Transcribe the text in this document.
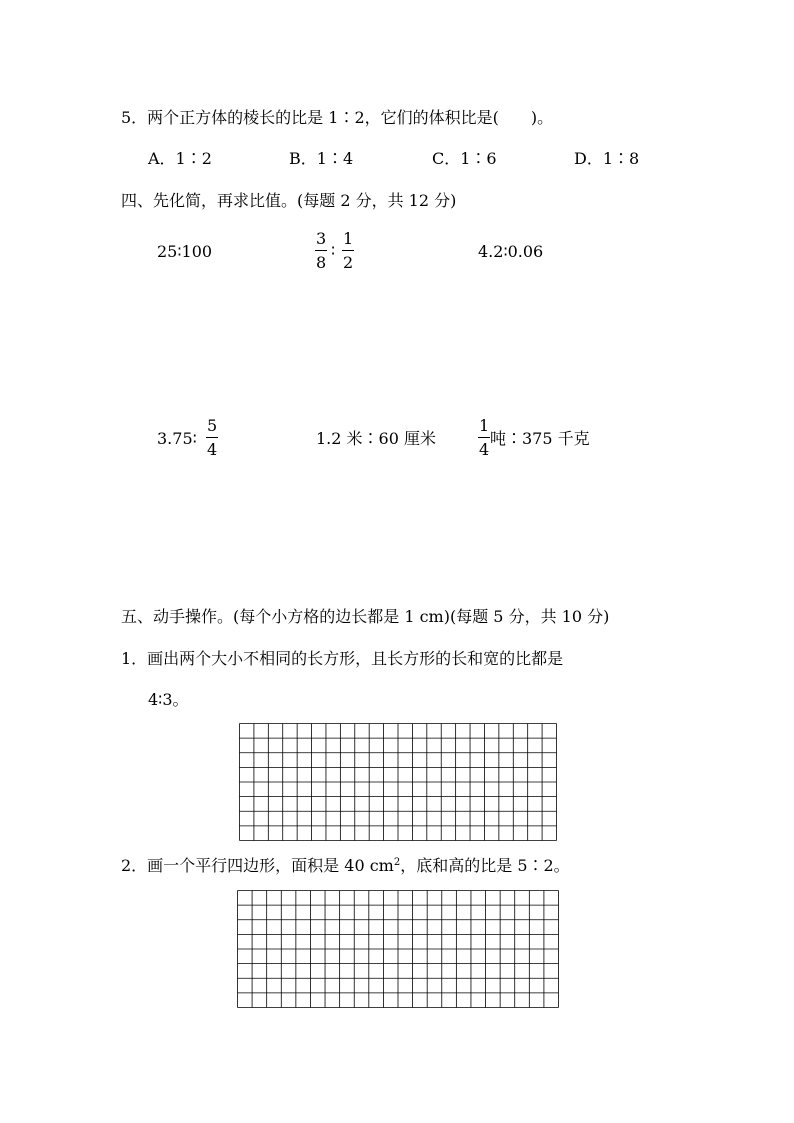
5．两个正方体的棱长的比是 1∶2，它们的体积比是(　　)。
A．1∶2	B．1∶4	C．1∶6	D．1∶8
四、先化简，再求比值。(每题 2 分，共 12 分)
25∶100
3
8
∶
1
2
4.2∶0.06
3.75∶
5
4
1.2 米∶60 厘米
1
4
吨∶375 千克
五、动手操作。(每个小方格的边长都是 1 cm)(每题 5 分，共 10 分)
1．画出两个大小不相同的长方形，且长方形的长和宽的比都是
4∶3。
2．画一个平行四边形，面积是 40 $cm^2$，底和高的比是 5∶2。
